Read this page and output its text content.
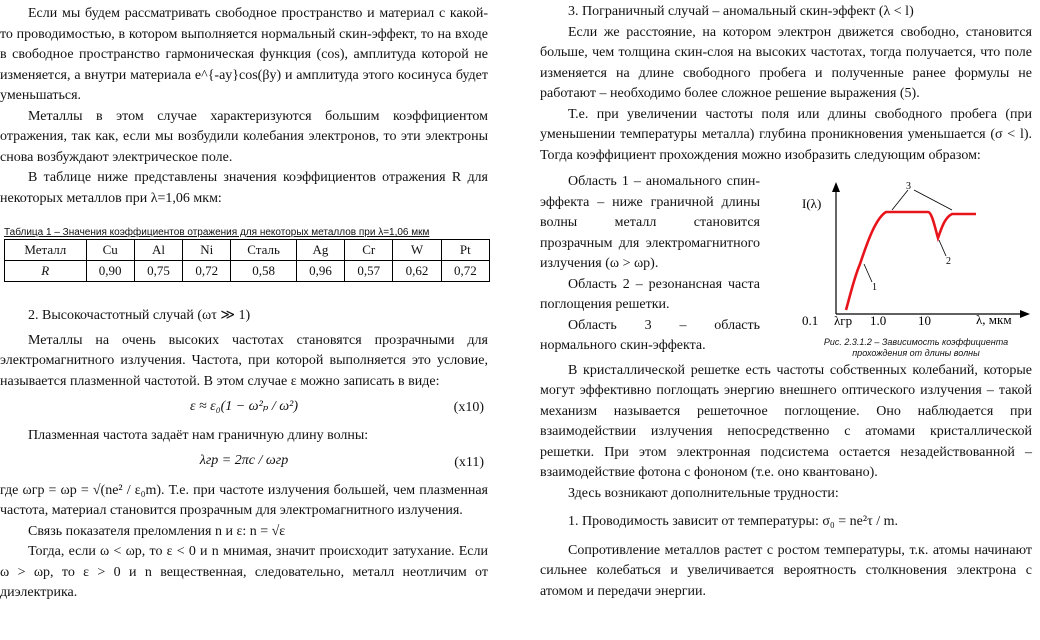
Если мы будем рассматривать свободное пространство и материал с какой-то проводимостью, в котором выполняется нормальный скин-эффект, то на входе в свободное пространство гармоническая функция (cos), амплитуда которой не изменяется, а внутри материала e^{-ay}cos(βy) и амплитуда этого косинуса будет уменьшаться.

Металлы в этом случае характеризуются большим коэффициентом отражения, так как, если мы возбудили колебания электронов, то эти электроны снова возбуждают электрическое поле.

В таблице ниже представлены значения коэффициентов отражения R для некоторых металлов при λ=1,06 мкм:

Таблица 1 – Значения коэффициентов отражения для некоторых металлов при λ=1,06 мкм
Металл	Cu	Al	Ni	Сталь	Ag	Cr	W	Pt
R	0,90	0,75	0,72	0,58	0,96	0,57	0,62	0,72

2. Высокочастотный случай (ωτ ≫ 1)

Металлы на очень высоких частотах становятся прозрачными для электромагнитного излучения. Частота, при которой выполняется это условие, называется плазменной частотой. В этом случае ε можно записать в виде:

ε ≈ ε₀(1 − ω²ₚ / ω²)	(x10)

Плазменная частота задаёт нам граничную длину волны:

λгр = 2πc / ωгр	(x11)

где ωгр = ωp = √(ne² / ε₀m). Т.е. при частоте излучения большей, чем плазменная частота, материал становится прозрачным для электромагнитного излучения.

Связь показателя преломления n и ε: n = √ε

Тогда, если ω < ωp, то ε < 0 и n мнимая, значит происходит затухание. Если ω > ωp, то ε > 0 и n вещественная, следовательно, металл неотличим от диэлектрика.

3. Пограничный случай – аномальный скин-эффект (λ < l)

Если же расстояние, на котором электрон движется свободно, становится больше, чем толщина скин-слоя на высоких частотах, тогда получается, что поле изменяется на длине свободного пробега и полученные ранее формулы не работают – необходимо более сложное решение выражения (5).

Т.е. при увеличении частоты поля или длины свободного пробега (при уменьшении температуры металла) глубина проникновения уменьшается (σ < l). Тогда коэффициент прохождения можно изобразить следующим образом:

Область 1 – аномального спин-эффекта – ниже граничной длины волны металл становится прозрачным для электромагнитного излучения (ω > ωp).

Область 2 – резонансная часта поглощения решетки.

Область 3 – область нормального скин-эффекта.

В кристаллической решетке есть частоты собственных колебаний, которые могут эффективно поглощать энергию внешнего оптического излучения – такой механизм называется решеточное поглощение. Оно наблюдается при взаимодействии излучения непосредственно с атомами кристаллической решетки. При этом электронная подсистема остается незадействованной – взаимодействие фотона с фононом (т.е. оно квантовано).

Здесь возникают дополнительные трудности:

1. Проводимость зависит от температуры: σ₀ = ne²τ / m.

Сопротивление металлов растет с ростом температуры, т.к. атомы начинают сильнее колебаться и увеличивается вероятность столкновения электрона с атомом и передачи энергии.

I(λ)
λ, мкм
0.1 λгр 1.0 10
1
2
3
Рис. 2.3.1.2 – Зависимость коэффициента прохождения от длины волны
